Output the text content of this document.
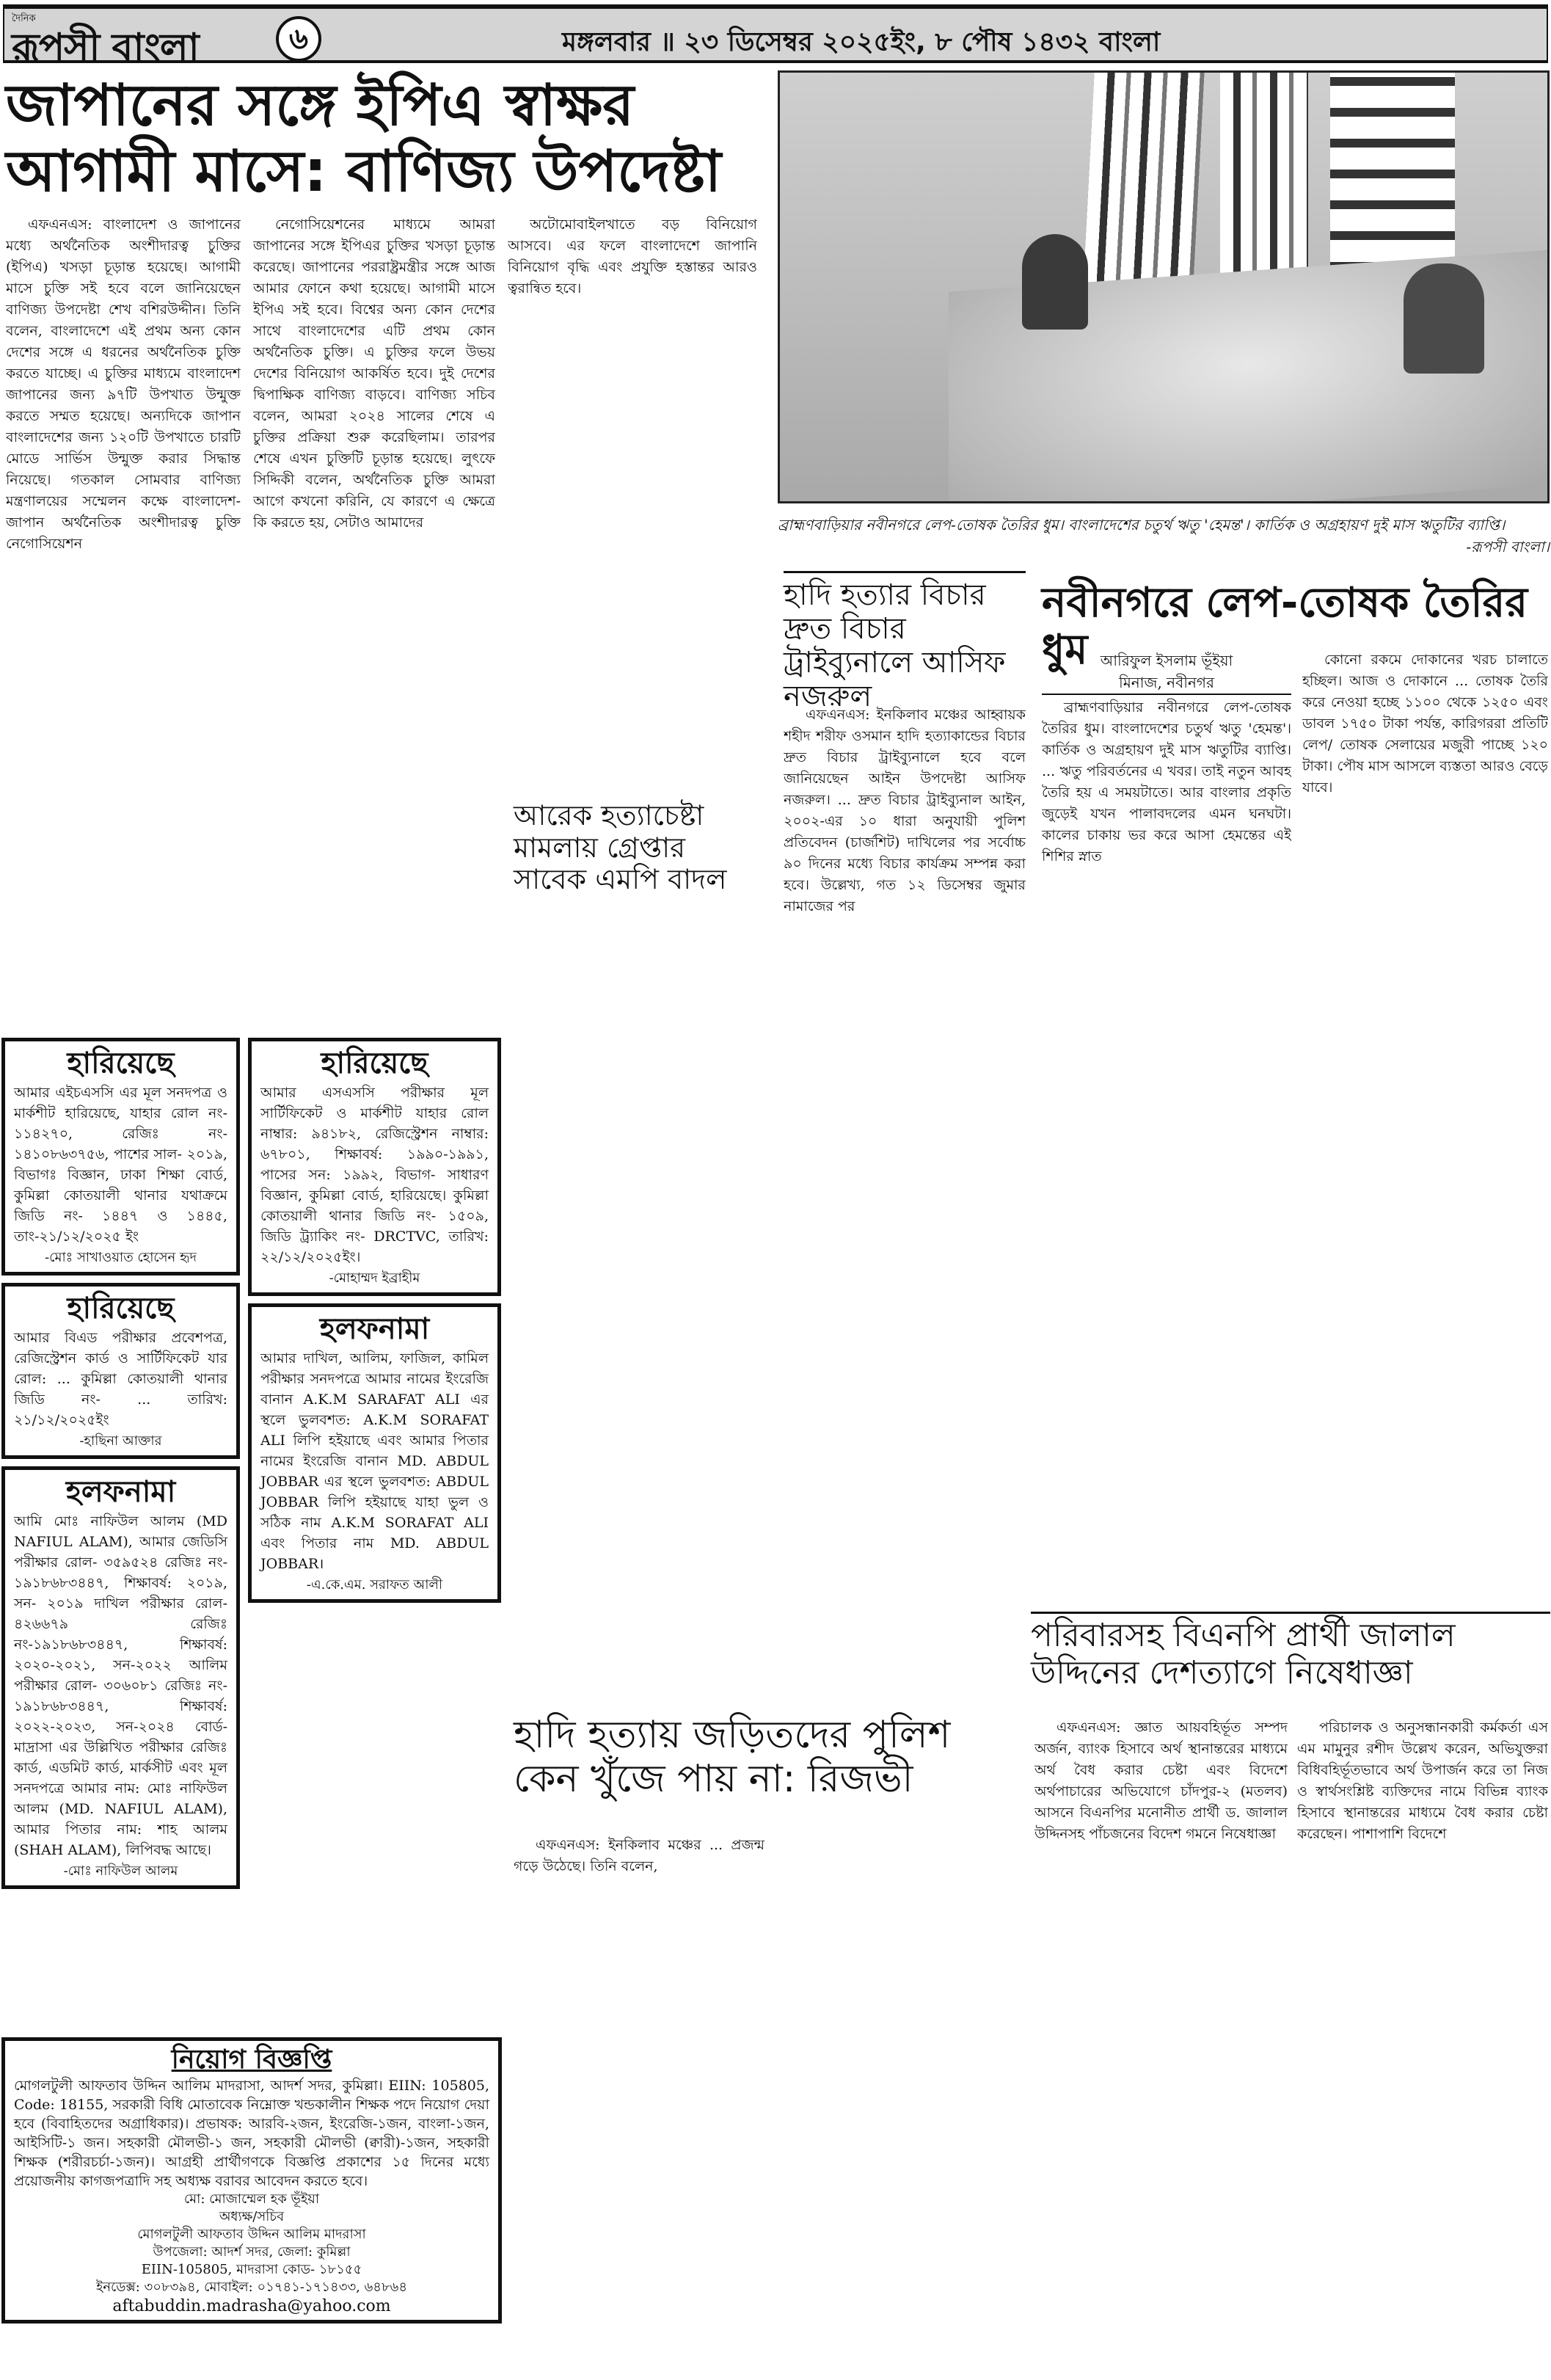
দৈনিক
রূপসী বাংলা	৬	মঙ্গলবার ॥ ২৩ ডিসেম্বর ২০২৫ইং, ৮ পৌষ ১৪৩২ বাংলা
জাপানের সঙ্গে ইপিএ স্বাক্ষর
আগামী মাসে: বাণিজ্য উপদেষ্টা

এফএনএস: বাংলাদেশ ও জাপানের মধ্যে অর্থনৈতিক অংশীদারত্ব চুক্তির (ইপিএ) খসড়া চূড়ান্ত হয়েছে। আগামী মাসে চুক্তি সই হবে বলে জানিয়েছেন বাণিজ্য উপদেষ্টা শেখ বশিরউদ্দীন। তিনি বলেন, বাংলাদেশে এই প্রথম অন্য কোন দেশের সঙ্গে এ ধরনের অর্থনৈতিক চুক্তি করতে যাচ্ছে। এ চুক্তির মাধ্যমে বাংলাদেশ জাপানের জন্য ৯৭টি উপখাত উন্মুক্ত করতে সম্মত হয়েছে। অন্যদিকে জাপান বাংলাদেশের জন্য ১২০টি উপখাতে চারটি মোডে সার্ভিস উন্মুক্ত করার সিদ্ধান্ত নিয়েছে। গতকাল সোমবার বাণিজ্য মন্ত্রণালয়ের সম্মেলন কক্ষে বাংলাদেশ-জাপান অর্থনৈতিক অংশীদারত্ব চুক্তি নেগোসিয়েশন

নেগোসিয়েশনের মাধ্যমে আমরা জাপানের সঙ্গে ইপিএর চুক্তির খসড়া চূড়ান্ত করেছে। জাপানের পররাষ্ট্রমন্ত্রীর সঙ্গে আজ আমার ফোনে কথা হয়েছে। আগামী মাসে ইপিএ সই হবে। বিশ্বের অন্য কোন দেশের সাথে বাংলাদেশের এটি প্রথম কোন অর্থনৈতিক চুক্তি। এ চুক্তির ফলে উভয় দেশের বিনিয়োগ আকর্ষিত হবে। দুই দেশের দ্বিপাক্ষিক বাণিজ্য বাড়বে। বাণিজ্য সচিব বলেন, আমরা ২০২৪ সালের শেষে এ চুক্তির প্রক্রিয়া শুরু করেছিলাম। তারপর শেষে এখন চুক্তিটি চূড়ান্ত হয়েছে। লুৎফে সিদ্দিকী বলেন, অর্থনৈতিক চুক্তি আমরা আগে কখনো করিনি, যে কারণে এ ক্ষেত্রে কি করতে হয়, সেটাও আমাদের

অটোমোবাইলখাতে বড় বিনিয়োগ আসবে। এর ফলে বাংলাদেশে জাপানি বিনিয়োগ বৃদ্ধি এবং প্রযুক্তি হস্তান্তর আরও ত্বরান্বিত হবে।

আরেক হত্যাচেষ্টা মামলায় গ্রেপ্তার সাবেক এমপি বাদল
হারিয়েছে
আমার এইচএসসি এর মূল সনদপত্র ও মার্কশীট হারিয়েছে, যাহার রোল নং- ১১৪২৭০, রেজিঃ নং- ১৪১০৮৬৩৭৫৬, পাশের সাল- ২০১৯, বিভাগঃ বিজ্ঞান, ঢাকা শিক্ষা বোর্ড, কুমিল্লা কোতয়ালী থানার যথাক্রমে জিডি নং- ১৪৪৭ ও ১৪৪৫, তাং-২১/১২/২০২৫ ইং
-মোঃ সাখাওয়াত হোসেন হৃদ
হারিয়েছে
আমার বিএড পরীক্ষার প্রবেশপত্র, রেজিস্ট্রেশন কার্ড ও সার্টিফিকেট যার রোল: ... কুমিল্লা কোতয়ালী থানার জিডি নং- ... তারিখ: ২১/১২/২০২৫ইং
-হাছিনা আক্তার
হলফনামা
আমি মোঃ নাফিউল আলম (MD NAFIUL ALAM), আমার জেডিসি পরীক্ষার রোল- ৩৫৯৫২৪ রেজিঃ নং- ১৯১৮৬৮৩৪৪৭, শিক্ষাবর্ষ: ২০১৯, সন- ২০১৯ দাখিল পরীক্ষার রোল- ৪২৬৬৭৯ রেজিঃ নং-১৯১৮৬৮৩৪৪৭, শিক্ষাবর্ষ: ২০২০-২০২১, সন-২০২২ আলিম পরীক্ষার রোল- ৩০৬০৮১ রেজিঃ নং- ১৯১৮৬৮৩৪৪৭, শিক্ষাবর্ষ: ২০২২-২০২৩, সন-২০২৪ বোর্ড- মাদ্রাসা এর উল্লিখিত পরীক্ষার রেজিঃ কার্ড, এডমিট কার্ড, মার্কসীট এবং মূল সনদপত্রে আমার নাম: মোঃ নাফিউল আলম (MD. NAFIUL ALAM), আমার পিতার নাম: শাহ আলম (SHAH ALAM), লিপিবদ্ধ আছে।
-মোঃ নাফিউল আলম
হারিয়েছে
আমার এসএসসি পরীক্ষার মূল সার্টিফিকেট ও মার্কশীট যাহার রোল নাম্বার: ৯৪১৮২, রেজিস্ট্রেশন নাম্বার: ৬৭৮০১, শিক্ষাবর্ষ: ১৯৯০-১৯৯১, পাসের সন: ১৯৯২, বিভাগ- সাধারণ বিজ্ঞান, কুমিল্লা বোর্ড, হারিয়েছে। কুমিল্লা কোতয়ালী থানার জিডি নং- ১৫০৯, জিডি ট্র্যাকিং নং- DRCTVC, তারিখ: ২২/১২/২০২৫ইং।
-মোহাম্মদ ইব্রাহীম
হলফনামা
আমার দাখিল, আলিম, ফাজিল, কামিল পরীক্ষার সনদপত্রে আমার নামের ইংরেজি বানান A.K.M SARAFAT ALI এর স্থলে ভুলবশত: A.K.M SORAFAT ALI লিপি হইয়াছে এবং আমার পিতার নামের ইংরেজি বানান MD. ABDUL JOBBAR এর স্থলে ভুলবশত: ABDUL JOBBAR লিপি হইয়াছে যাহা ভুল ও সঠিক নাম A.K.M SORAFAT ALI এবং পিতার নাম MD. ABDUL JOBBAR।
-এ.কে.এম. সরাফত আলী
নিয়োগ বিজ্ঞপ্তি
মোগলটুলী আফতাব উদ্দিন আলিম মাদরাসা, আদর্শ সদর, কুমিল্লা। EIIN: 105805, Code: 18155, সরকারী বিধি মোতাবেক নিম্নোক্ত খন্ডকালীন শিক্ষক পদে নিয়োগ দেয়া হবে (বিবাহিতদের অগ্রাধিকার)। প্রভাষক: আরবি-২জন, ইংরেজি-১জন, বাংলা-১জন, আইসিটি-১ জন। সহকারী মৌলভী-১ জন, সহকারী মৌলভী (ক্বারী)-১জন, সহকারী শিক্ষক (শরীরচর্চা-১জন)। আগ্রহী প্রার্থীগণকে বিজ্ঞপ্তি প্রকাশের ১৫ দিনের মধ্যে প্রয়োজনীয় কাগজপত্রাদি সহ অধ্যক্ষ বরাবর আবেদন করতে হবে।
মো: মোজাম্মেল হক ভূঁইয়া
অধ্যক্ষ/সচিব
মোগলটুলী আফতাব উদ্দিন আলিম মাদরাসা
উপজেলা: আদর্শ সদর, জেলা: কুমিল্লা
EIIN-105805, মাদরাসা কোড- ১৮১৫৫
ইনডেক্স: ৩০৮৩৯৪, মোবাইল: ০১৭৪১-১৭১৪৩৩, ৬৪৮৬৪
aftabuddin.madrasha@yahoo.com
ব্রাহ্মণবাড়িয়ার নবীনগরে লেপ-তোষক তৈরির ধুম। বাংলাদেশের চতুর্থ ঋতু 'হেমন্ত'। কার্তিক ও অগ্রহায়ণ দুই মাস ঋতুটির ব্যাপ্তি।
-রূপসী বাংলা।
হাদি হত্যার বিচার দ্রুত বিচার ট্রাইব্যুনালে আসিফ নজরুল

এফএনএস: ইনকিলাব মঞ্চের আহ্বায়ক শহীদ শরীফ ওসমান হাদি হত্যাকান্ডের বিচার দ্রুত বিচার ট্রাইব্যুনালে হবে বলে জানিয়েছেন আইন উপদেষ্টা আসিফ নজরুল। ... দ্রুত বিচার ট্রাইব্যুনাল আইন, ২০০২-এর ১০ ধারা অনুযায়ী পুলিশ প্রতিবেদন (চার্জশিট) দাখিলের পর সর্বোচ্চ ৯০ দিনের মধ্যে বিচার কার্যক্রম সম্পন্ন করা হবে। উল্লেখ্য, গত ১২ ডিসেম্বর জুমার নামাজের পর

নবীনগরে লেপ-তোষক তৈরির ধুম আরিফুল ইসলাম ভূঁইয়া
মিনাজ, নবীনগর

ব্রাহ্মণবাড়িয়ার নবীনগরে লেপ-তোষক তৈরির ধুম। বাংলাদেশের চতুর্থ ঋতু 'হেমন্ত'। কার্তিক ও অগ্রহায়ণ দুই মাস ঋতুটির ব্যাপ্তি। ... ঋতু পরিবর্তনের এ খবর। তাই নতুন আবহ তৈরি হয় এ সময়টাতে। আর বাংলার প্রকৃতি জুড়েই যখন পালাবদলের এমন ঘনঘটা। কালের চাকায় ভর করে আসা হেমন্তের এই শিশির স্নাত

কোনো রকমে দোকানের খরচ চালাতে হচ্ছিল। আজ ও দোকানে ... তোষক তৈরি করে নেওয়া হচ্ছে ১১০০ থেকে ১২৫০ এবং ডাবল ১৭৫০ টাকা পর্যন্ত, কারিগররা প্রতিটি লেপ/ তোষক সেলায়ের মজুরী পাচ্ছে ১২০ টাকা। পৌষ মাস আসলে ব্যস্ততা আরও বেড়ে যাবে।

পরিবারসহ বিএনপি প্রার্থী জালাল উদ্দিনের দেশত্যাগে নিষেধাজ্ঞা

এফএনএস: জ্ঞাত আয়বহির্ভূত সম্পদ অর্জন, ব্যাংক হিসাবে অর্থ স্থানান্তরের মাধ্যমে অর্থ বৈধ করার চেষ্টা এবং বিদেশে অর্থপাচারের অভিযোগে চাঁদপুর-২ (মতলব) আসনে বিএনপির মনোনীত প্রার্থী ড. জালাল উদ্দিনসহ পাঁচজনের বিদেশ গমনে নিষেধাজ্ঞা

পরিচালক ও অনুসন্ধানকারী কর্মকর্তা এস এম মামুনুর রশীদ উল্লেখ করেন, অভিযুক্তরা বিধিবহির্ভূতভাবে অর্থ উপার্জন করে তা নিজ ও স্বার্থসংশ্লিষ্ট ব্যক্তিদের নামে বিভিন্ন ব্যাংক হিসাবে স্থানান্তরের মাধ্যমে বৈধ করার চেষ্টা করেছেন। পাশাপাশি বিদেশে

হাদি হত্যায় জড়িতদের পুলিশ কেন খুঁজে পায় না: রিজভী

এফএনএস: ইনকিলাব মঞ্চের ... প্রজন্ম গড়ে উঠেছে। তিনি বলেন,
